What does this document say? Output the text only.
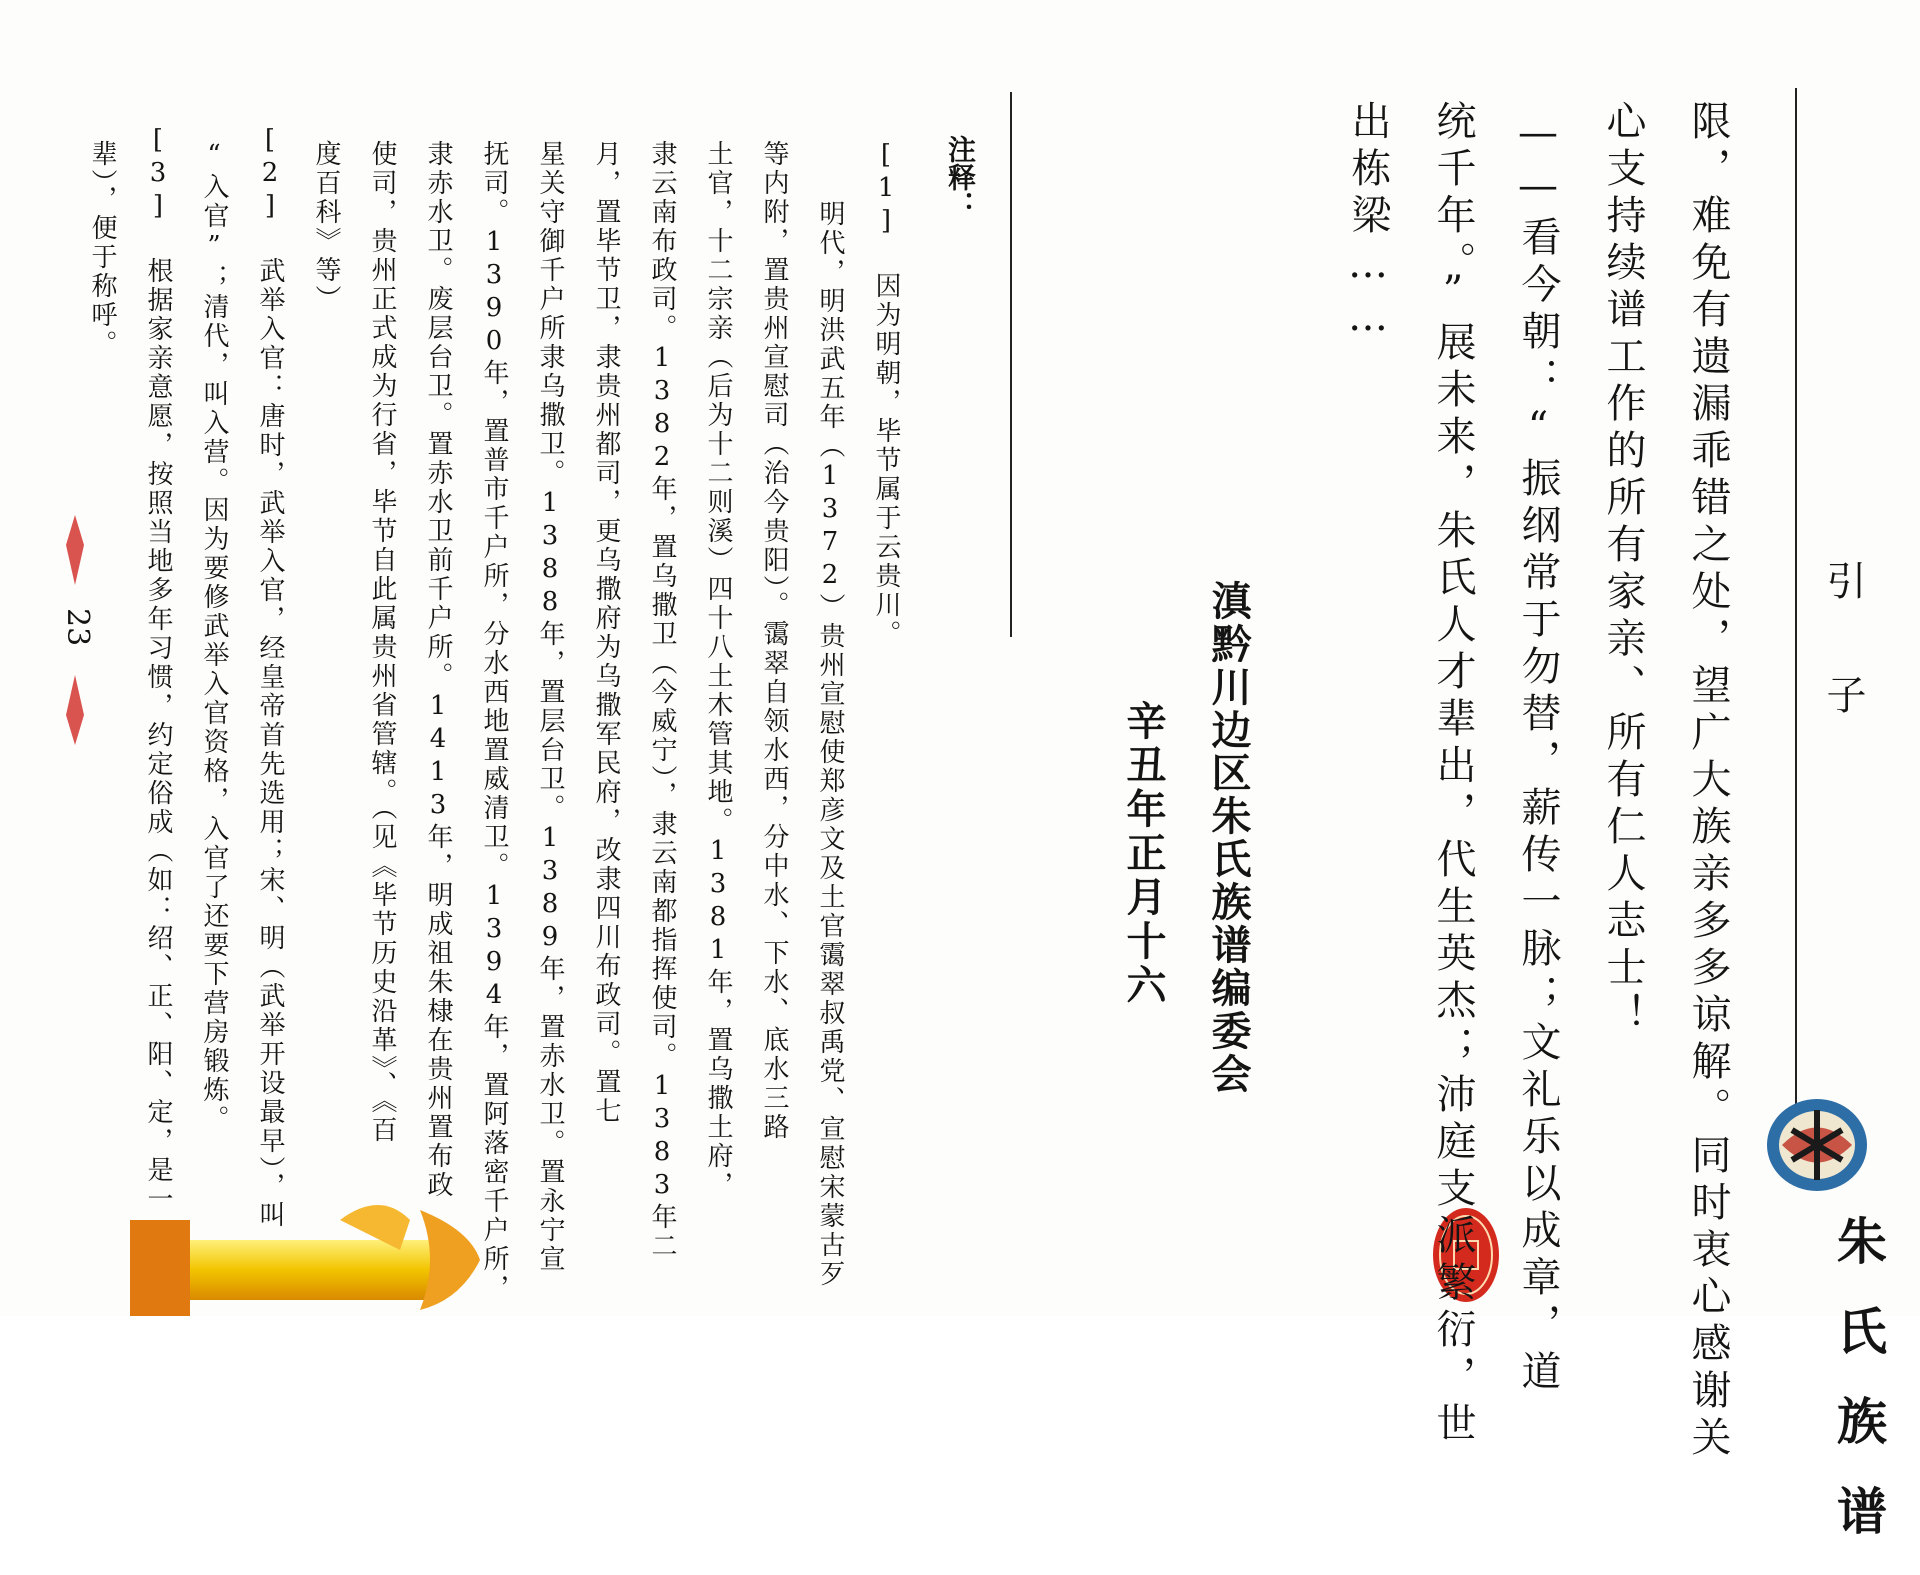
引 子
朱氏族谱
限，难免有遗漏乖错之处，望广大族亲多多谅解。同时衷心感谢关
心支持续谱工作的所有家亲、所有仁人志士！
——看今朝：“振纲常于勿替，薪传一脉；文礼乐以成章，道
统千年。”展未来，朱氏人才辈出，代生英杰；沛庭支派繁衍，世
出栋梁……
滇黔川边区朱氏族谱编委会
辛丑年正月十六
注释：
[1] 因为明朝，毕节属于云贵川。
明代，明洪武五年（1372）贵州宣慰使郑彦文及土官霭翠叔禹党、宣慰宋蒙古歹
等内附，置贵州宣慰司（治今贵阳）。霭翠自领水西，分中水、下水、底水三路
土官，十二宗亲（后为十二则溪）四十八土木管其地。1381年，置乌撒土府，
隶云南布政司。1382年，置乌撒卫（今威宁），隶云南都指挥使司。1383年二
月，置毕节卫，隶贵州都司，更乌撒府为乌撒军民府，改隶四川布政司。置七
星关守御千户所隶乌撒卫。1388年，置层台卫。1389年，置赤水卫。置永宁宣
抚司。1390年，置普市千户所，分水西地置威清卫。1394年，置阿落密千户所，
隶赤水卫。废层台卫。置赤水卫前千户所。1413年，明成祖朱棣在贵州置布政
使司，贵州正式成为行省，毕节自此属贵州省管辖。（见《毕节历史沿革》、《百
度百科》等）
[2] 武举入官：唐时，武举入官，经皇帝首先选用；宋、明（武举开设最早），叫
“入官”；清代，叫入营。因为要修武举入官资格，入官了还要下营房锻炼。
[3] 根据家亲意愿，按照当地多年习惯，约定俗成（如：绍、正、阳、定，是一
辈），便于称呼。
23
